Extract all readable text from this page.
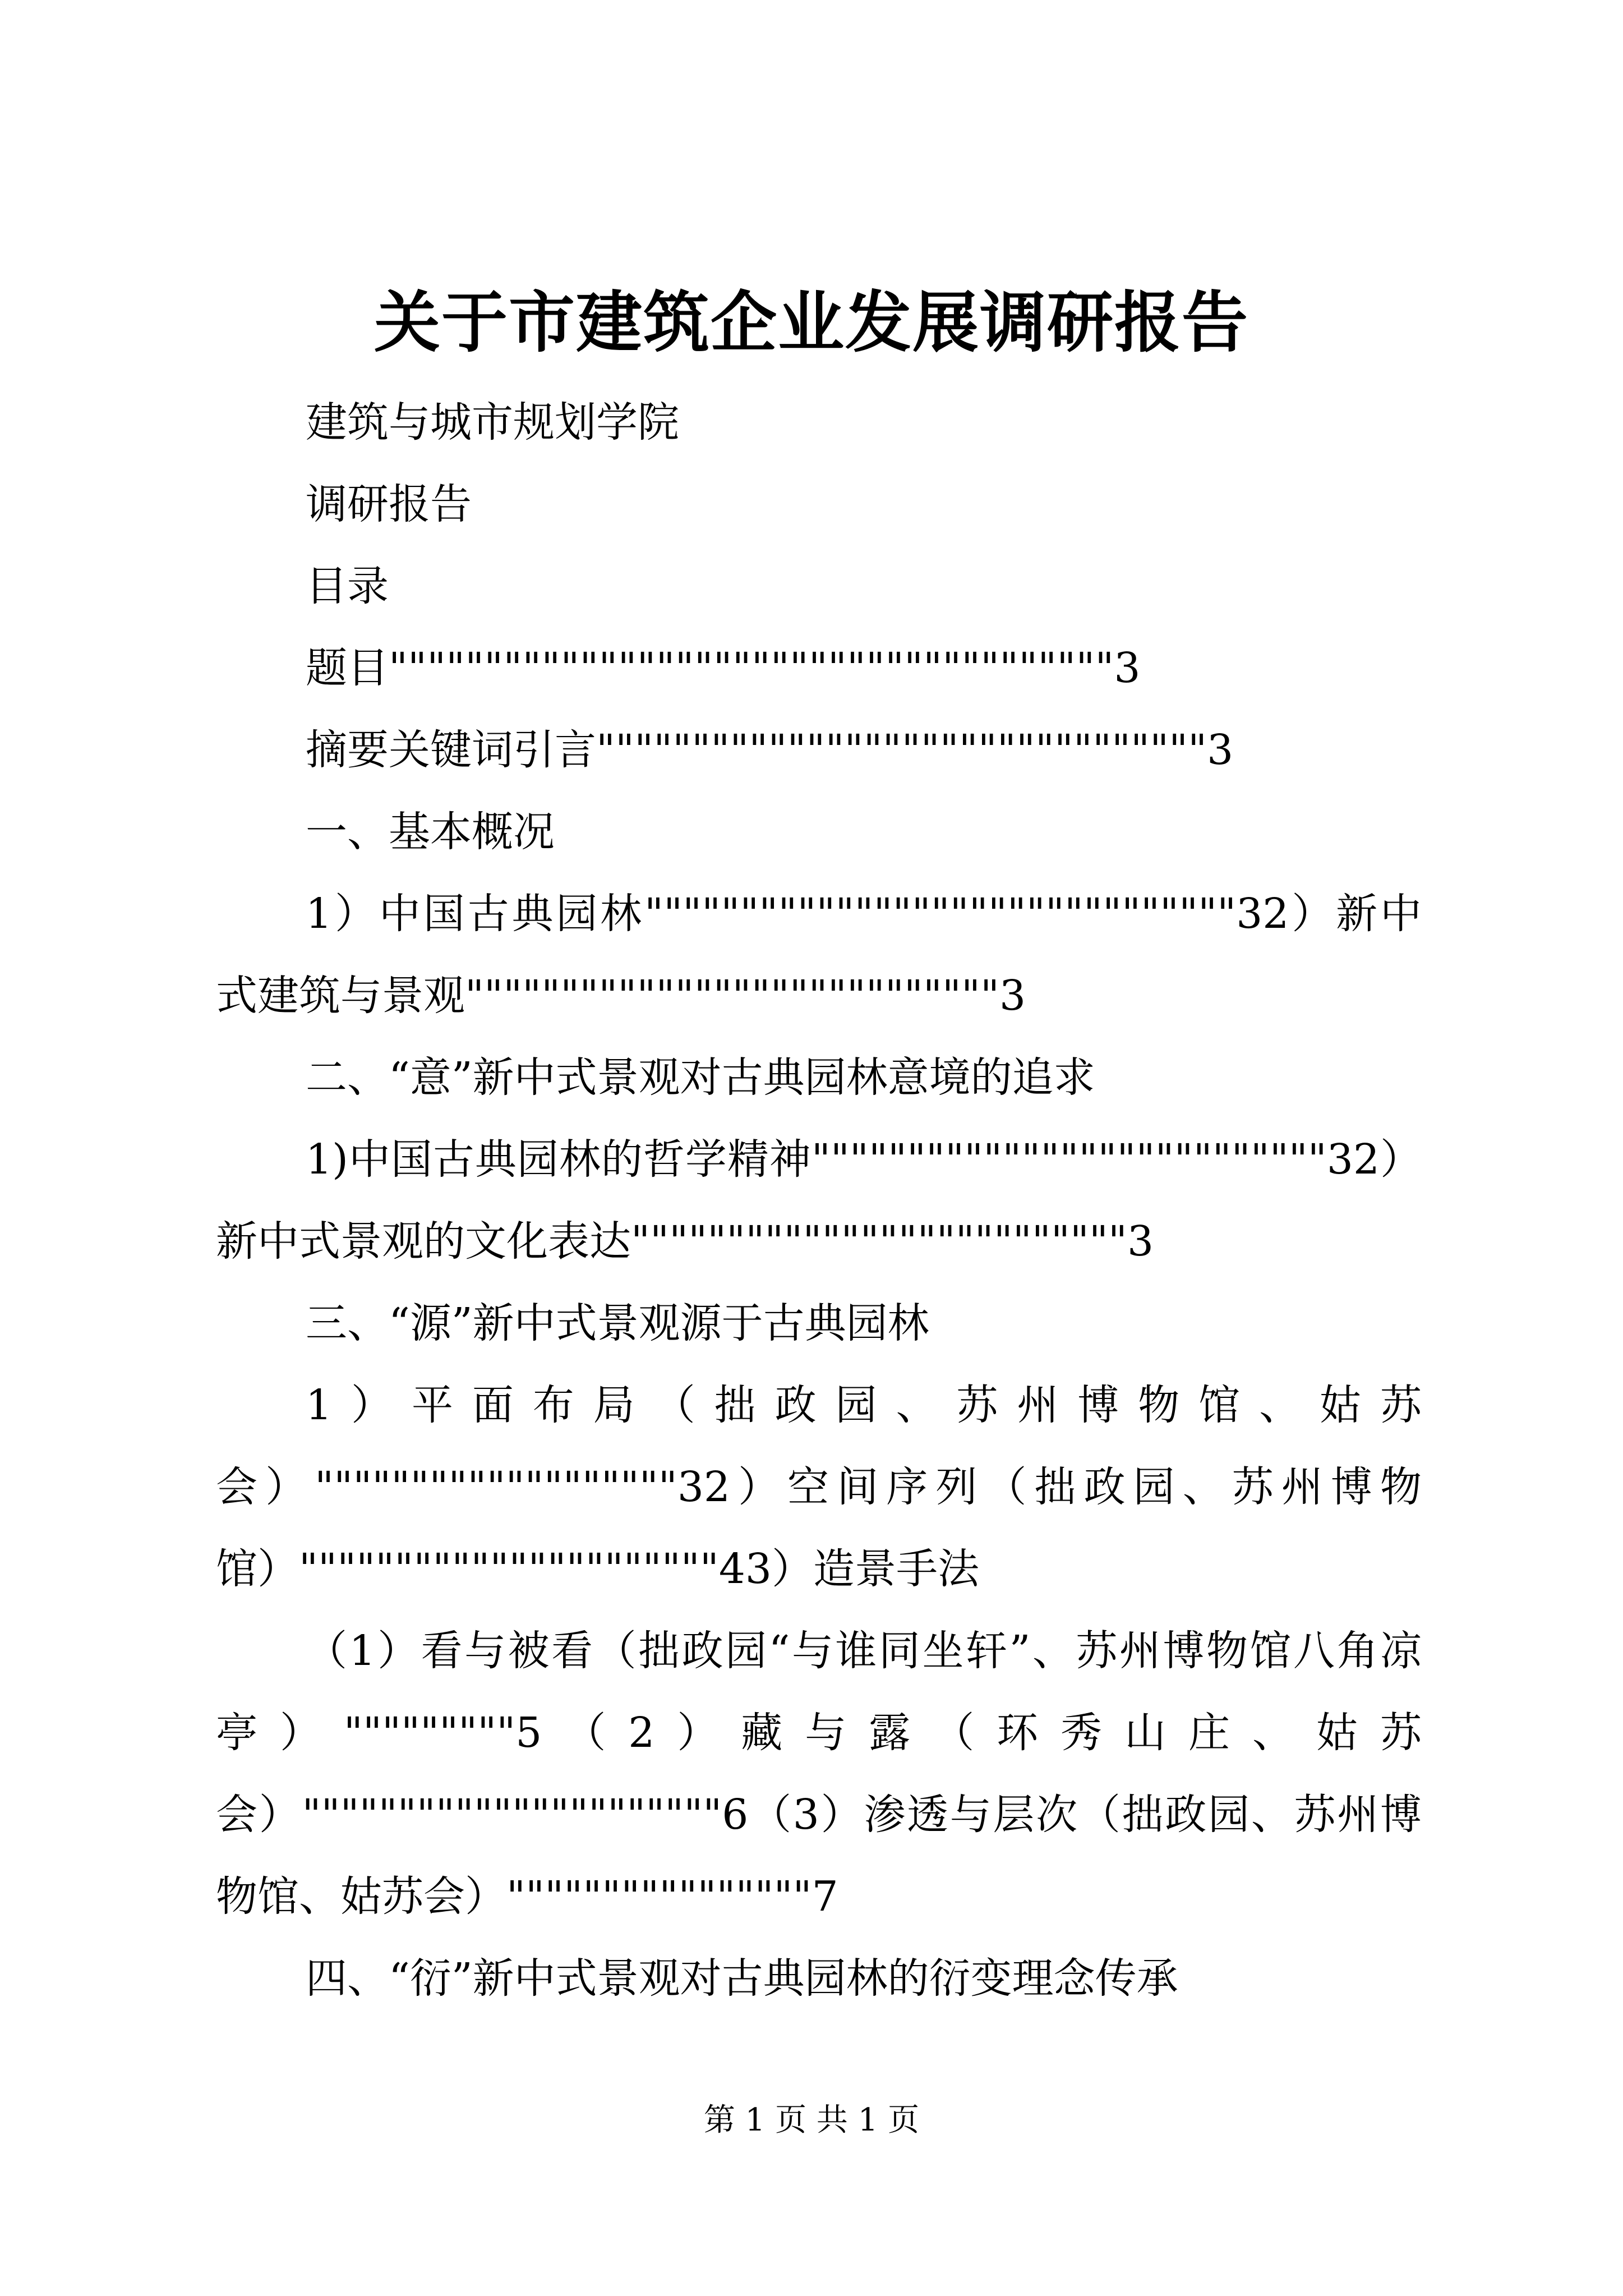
关于市建筑企业发展调研报告

建筑与城市规划学院

调研报告

目录

题目""""""""""""""""""""""""""""""""""""""3

摘要关键词引言""""""""""""""""""""""""""""""""3

一、基本概况

1）中国古典园林"""""""""""""""""""""""""""""""32）新中式建筑与景观""""""""""""""""""""""""""""3

二、“意”新中式景观对古典园林意境的追求

1)中国古典园林的哲学精神"""""""""""""""""""""""""""32）新中式景观的文化表达""""""""""""""""""""""""""3

三、“源”新中式景观源于古典园林

1）平面布局（拙政园、苏州博物馆、姑苏会）"""""""""""""""""""32）空间序列（拙政园、苏州博物馆）""""""""""""""""""""""43）造景手法

（1）看与被看（拙政园“与谁同坐轩”、苏州博物馆八角凉亭）"""""""""5（2）藏与露（环秀山庄、姑苏会）""""""""""""""""""""""6（3）渗透与层次（拙政园、苏州博物馆、姑苏会）""""""""""""""""7

四、“衍”新中式景观对古典园林的衍变理念传承

第 1 页 共 1 页
